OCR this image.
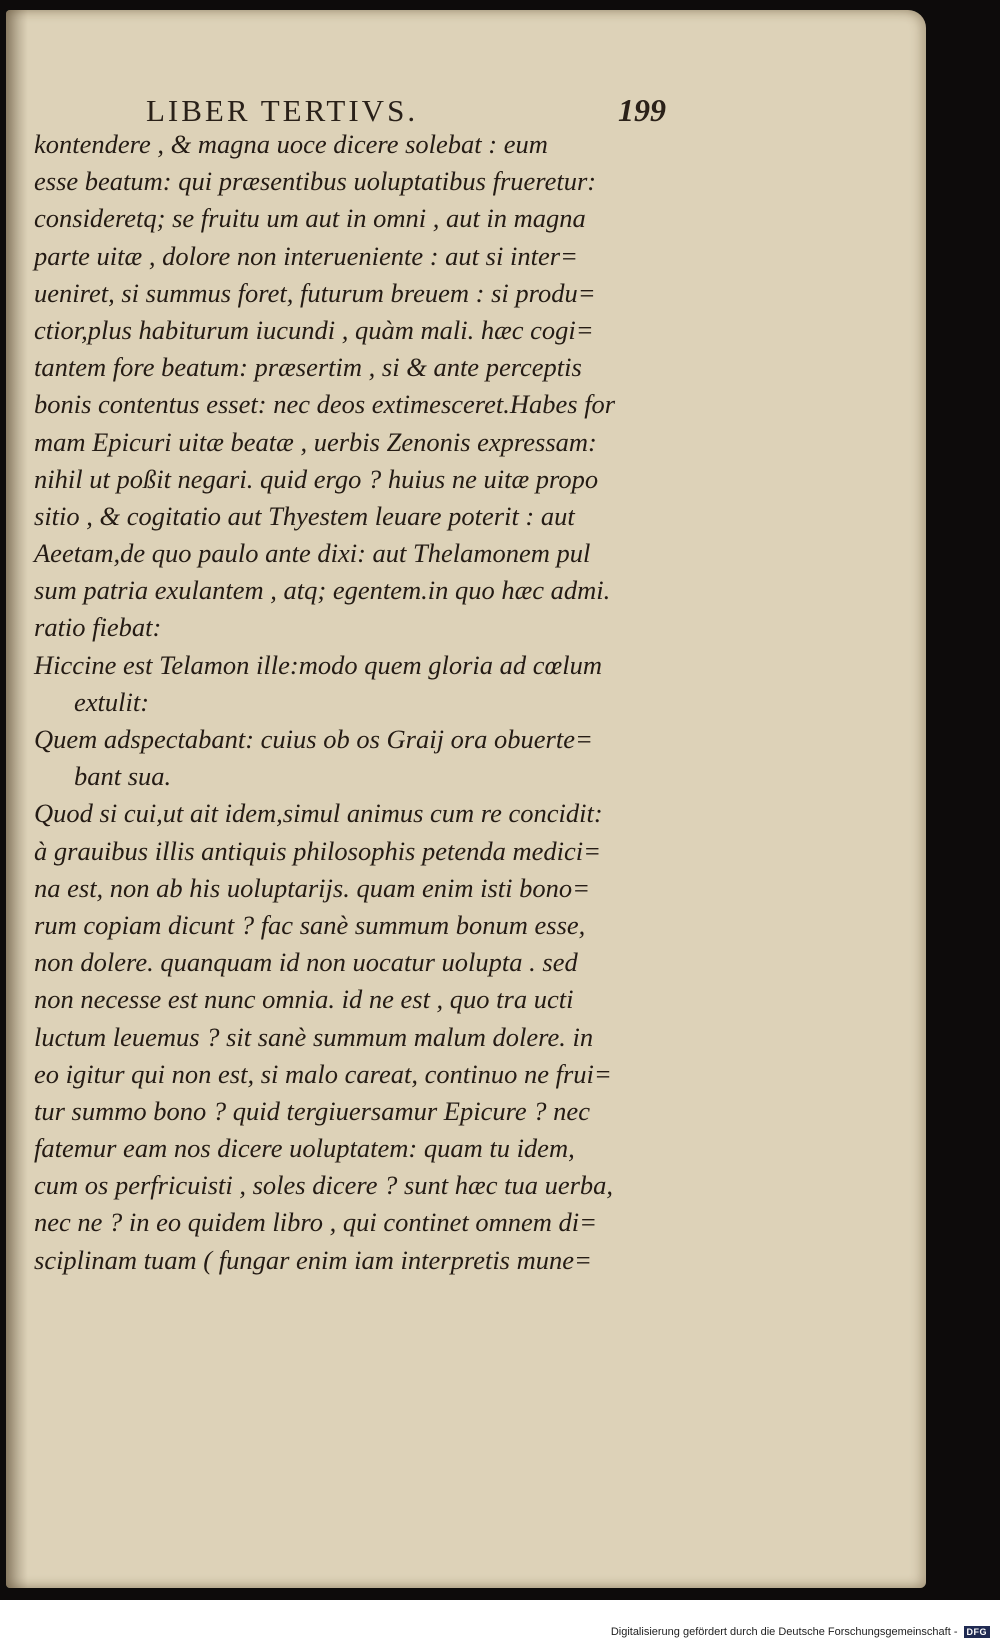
LIBER TERTIVS.	199
kontendere , & magna uoce dicere solebat : eum
esse beatum: qui præsentibus uoluptatibus frueretur:
consideretq; se fruitu um aut in omni , aut in magna
parte uitæ , dolore non interueniente : aut si inter=
ueniret, si summus foret, futurum breuem : si produ=
ctior,plus habiturum iucundi , quàm mali. hæc cogi=
tantem fore beatum: præsertim , si & ante perceptis
bonis contentus esset: nec deos extimesceret.Habes for
mam Epicuri uitæ beatæ , uerbis Zenonis expressam:
nihil ut poßit negari. quid ergo ? huius ne uitæ propo
sitio , & cogitatio aut Thyestem leuare poterit : aut
Aeetam,de quo paulo ante dixi: aut Thelamonem pul
sum patria exulantem , atq; egentem.in quo hæc admi.
ratio fiebat:
Hiccine est Telamon ille:modo quem gloria ad cœlum
extulit:
Quem adspectabant: cuius ob os Graij ora obuerte=
bant sua.
Quod si cui,ut ait idem,simul animus cum re concidit:
à grauibus illis antiquis philosophis petenda medici=
na est, non ab his uoluptarijs. quam enim isti bono=
rum copiam dicunt ? fac sanè summum bonum esse,
non dolere. quanquam id non uocatur uolupta . sed
non necesse est nunc omnia. id ne est , quo tra ucti
luctum leuemus ? sit sanè summum malum dolere. in
eo igitur qui non est, si malo careat, continuo ne frui=
tur summo bono ? quid tergiuersamur Epicure ? nec
fatemur eam nos dicere uoluptatem: quam tu idem,
cum os perfricuisti , soles dicere ? sunt hæc tua uerba,
nec ne ? in eo quidem libro , qui continet omnem di=
sciplinam tuam ( fungar enim iam interpretis mune=
Digitalisierung gefördert durch die Deutsche Forschungsgemeinschaft -	DFG
